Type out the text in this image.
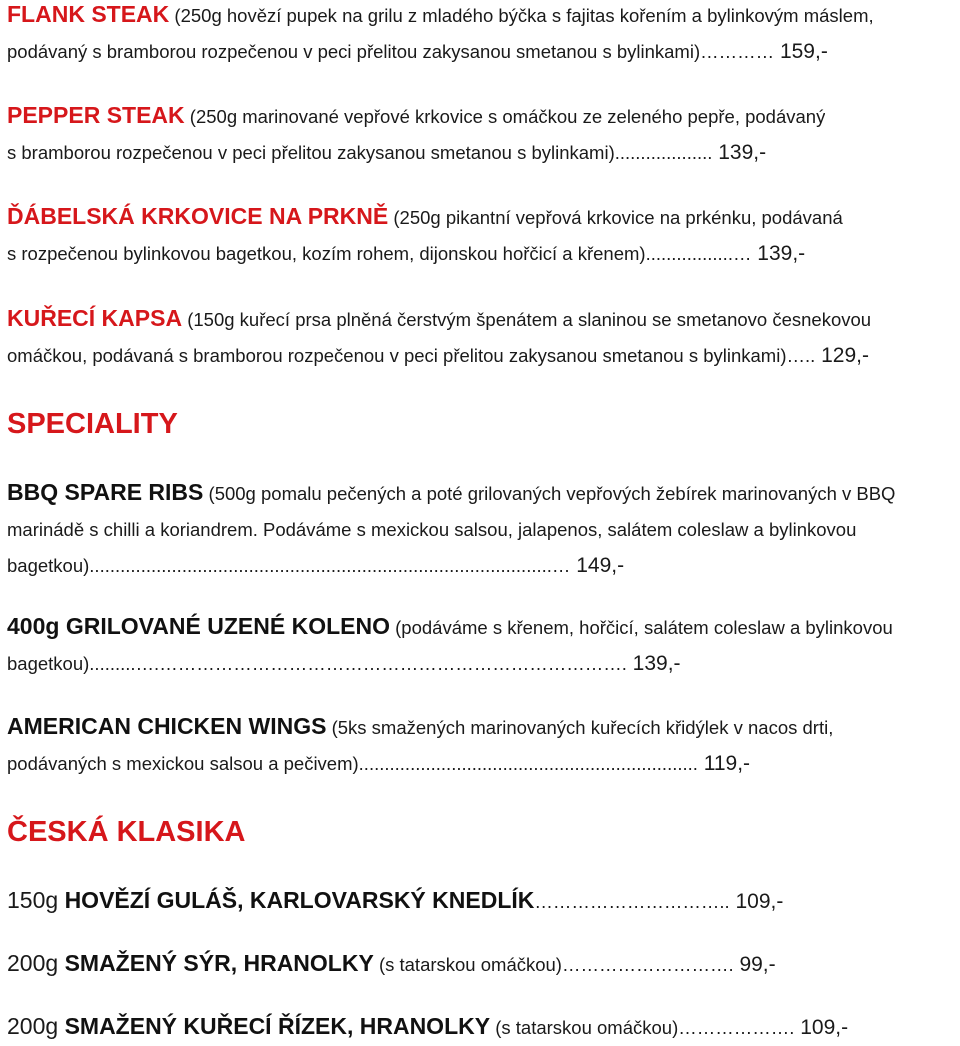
FLANK STEAK (250g hovězí pupek na grilu z mladého býčka s fajitas kořením a bylinkovým máslem,
podávaný s bramborou rozpečenou v peci přelitou zakysanou smetanou s bylinkami)………… 159,-
PEPPER STEAK (250g marinované vepřové krkovice s omáčkou ze zeleného pepře, podávaný
s bramborou rozpečenou v peci přelitou zakysanou smetanou s bylinkami)................... 139,-
ĎÁBELSKÁ KRKOVICE NA PRKNĚ (250g pikantní vepřová krkovice na prkénku, podávaná
s rozpečenou bylinkovou bagetkou, kozím rohem, dijonskou hořčicí a křenem).................… 139,-
KUŘECÍ KAPSA (150g kuřecí prsa plněná čerstvým špenátem a slaninou se smetanovo česnekovou
omáčkou, podávaná s bramborou rozpečenou v peci přelitou zakysanou smetanou s bylinkami)….. 129,-
SPECIALITY
BBQ SPARE RIBS (500g pomalu pečených a poté grilovaných vepřových žebírek marinovaných v BBQ
marinádě s chilli a koriandrem. Podáváme s mexickou salsou, jalapenos, salátem coleslaw a bylinkovou
bagetkou)..........................................................................................… 149,-
400g GRILOVANÉ UZENÉ KOLENO (podáváme s křenem, hořčicí, salátem coleslaw a bylinkovou
bagetkou).........….…………………………………………………………………. 139,-
AMERICAN CHICKEN WINGS (5ks smažených marinovaných kuřecích křidýlek v nacos drti,
podávaných s mexickou salsou a pečivem).................................................................. 119,-
ČESKÁ KLASIKA
150g HOVĚZÍ GULÁŠ, KARLOVARSKÝ KNEDLÍK………………………….. 109,-
200g SMAŽENÝ SÝR, HRANOLKY (s tatarskou omáčkou)………………………. 99,-
200g SMAŽENÝ KUŘECÍ ŘÍZEK, HRANOLKY (s tatarskou omáčkou)………………. 109,-
